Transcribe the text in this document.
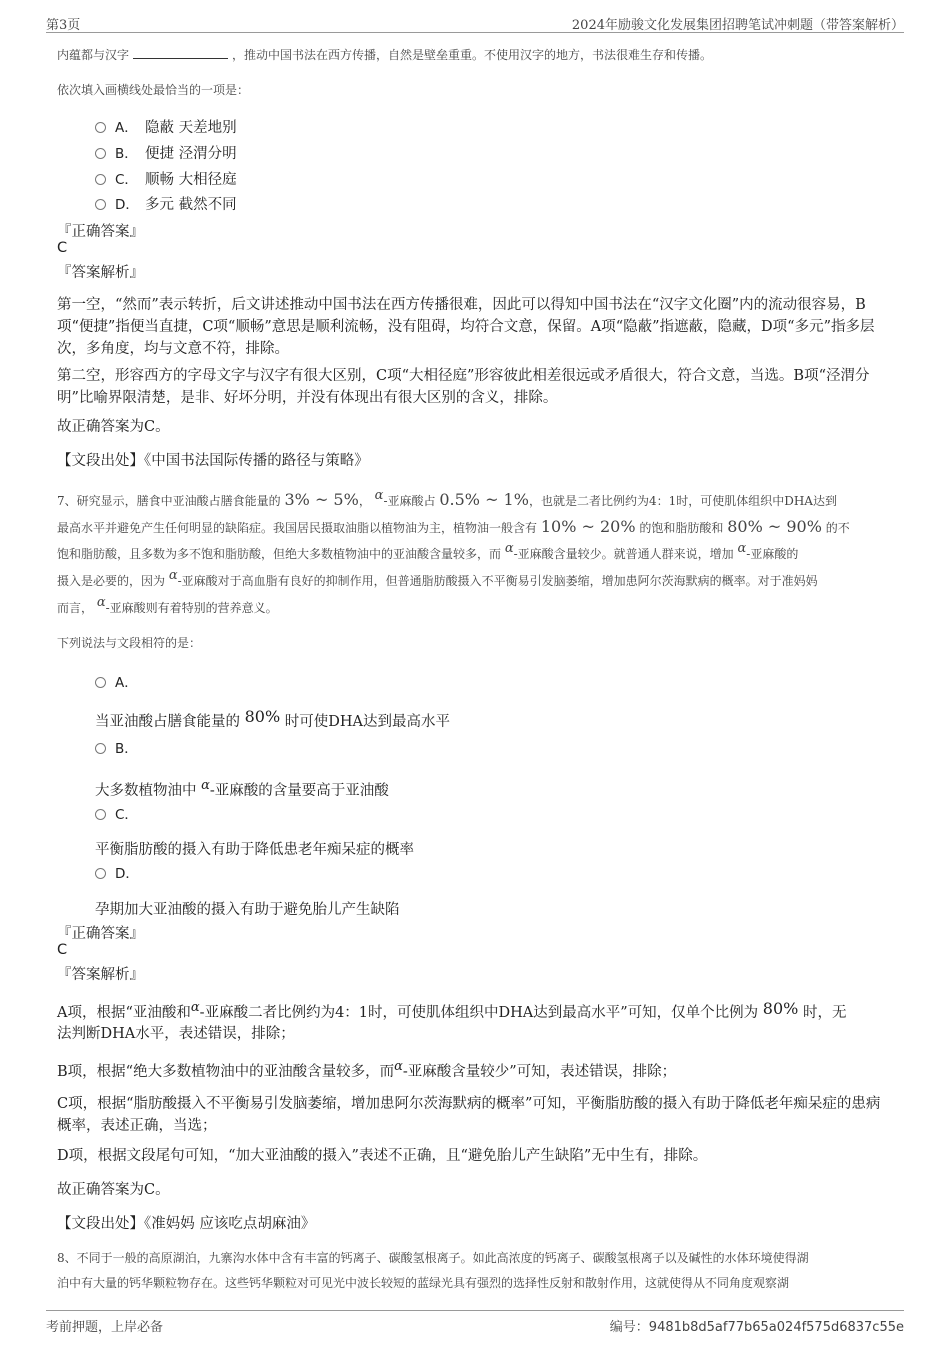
第3页	2024年励骏文化发展集团招聘笔试冲刺题（带答案解析）
内蕴都与汉字	，推动中国书法在西方传播，自然是壁垒重重。不使用汉字的地方，书法很难生存和传播。
依次填入画横线处最恰当的一项是：
A． 隐蔽 天差地别
B． 便捷 泾渭分明
C． 顺畅 大相径庭
D． 多元 截然不同
『正确答案』
C
『答案解析』
第一空，“然而”表示转折，后文讲述推动中国书法在西方传播很难，因此可以得知中国书法在“汉字文化圈”内的流动很容易，B项“便捷”指便当直捷，C项“顺畅”意思是顺利流畅，没有阻碍，均符合文意，保留。A项“隐蔽”指遮蔽，隐藏，D项“多元”指多层次，多角度，均与文意不符，排除。
第二空，形容西方的字母文字与汉字有很大区别，C项“大相径庭”形容彼此相差很远或矛盾很大，符合文意，当选。B项“泾渭分明”比喻界限清楚，是非、好坏分明，并没有体现出有很大区别的含义，排除。
故正确答案为C。
【文段出处】《中国书法国际传播的路径与策略》
7、研究显示，膳食中亚油酸占膳食能量的 3% ~ 5%， α-亚麻酸占 0.5% ~ 1%，也就是二者比例约为4：1时，可使肌体组织中DHA达到
最高水平并避免产生任何明显的缺陷症。我国居民摄取油脂以植物油为主，植物油一般含有 10% ~ 20% 的饱和脂肪酸和 80% ~ 90% 的不
饱和脂肪酸，且多数为多不饱和脂肪酸，但绝大多数植物油中的亚油酸含量较多，而 α-亚麻酸含量较少。就普通人群来说，增加 α-亚麻酸的
摄入是必要的，因为 α-亚麻酸对于高血脂有良好的抑制作用，但普通脂肪酸摄入不平衡易引发脑萎缩，增加患阿尔茨海默病的概率。对于准妈妈
而言， α-亚麻酸则有着特别的营养意义。
下列说法与文段相符的是：
A．
当亚油酸占膳食能量的 80% 时可使DHA达到最高水平
B．
大多数植物油中 α-亚麻酸的含量要高于亚油酸
C．
平衡脂肪酸的摄入有助于降低患老年痴呆症的概率
D．
孕期加大亚油酸的摄入有助于避免胎儿产生缺陷
『正确答案』
C
『答案解析』
A项，根据“亚油酸和α-亚麻酸二者比例约为4：1时，可使肌体组织中DHA达到最高水平”可知，仅单个比例为 80% 时，无
法判断DHA水平，表述错误，排除；
B项，根据“绝大多数植物油中的亚油酸含量较多，而α-亚麻酸含量较少”可知，表述错误，排除；
C项，根据“脂肪酸摄入不平衡易引发脑萎缩，增加患阿尔茨海默病的概率”可知，平衡脂肪酸的摄入有助于降低老年痴呆症的患病概率，表述正确，当选；
D项，根据文段尾句可知，“加大亚油酸的摄入”表述不正确，且“避免胎儿产生缺陷”无中生有，排除。
故正确答案为C。
【文段出处】《准妈妈 应该吃点胡麻油》
8、不同于一般的高原湖泊，九寨沟水体中含有丰富的钙离子、碳酸氢根离子。如此高浓度的钙离子、碳酸氢根离子以及碱性的水体环境使得湖
泊中有大量的钙华颗粒物存在。这些钙华颗粒对可见光中波长较短的蓝绿光具有强烈的选择性反射和散射作用，这就使得从不同角度观察湖
考前押题，上岸必备	编号：9481b8d5af77b65a024f575d6837c55e
